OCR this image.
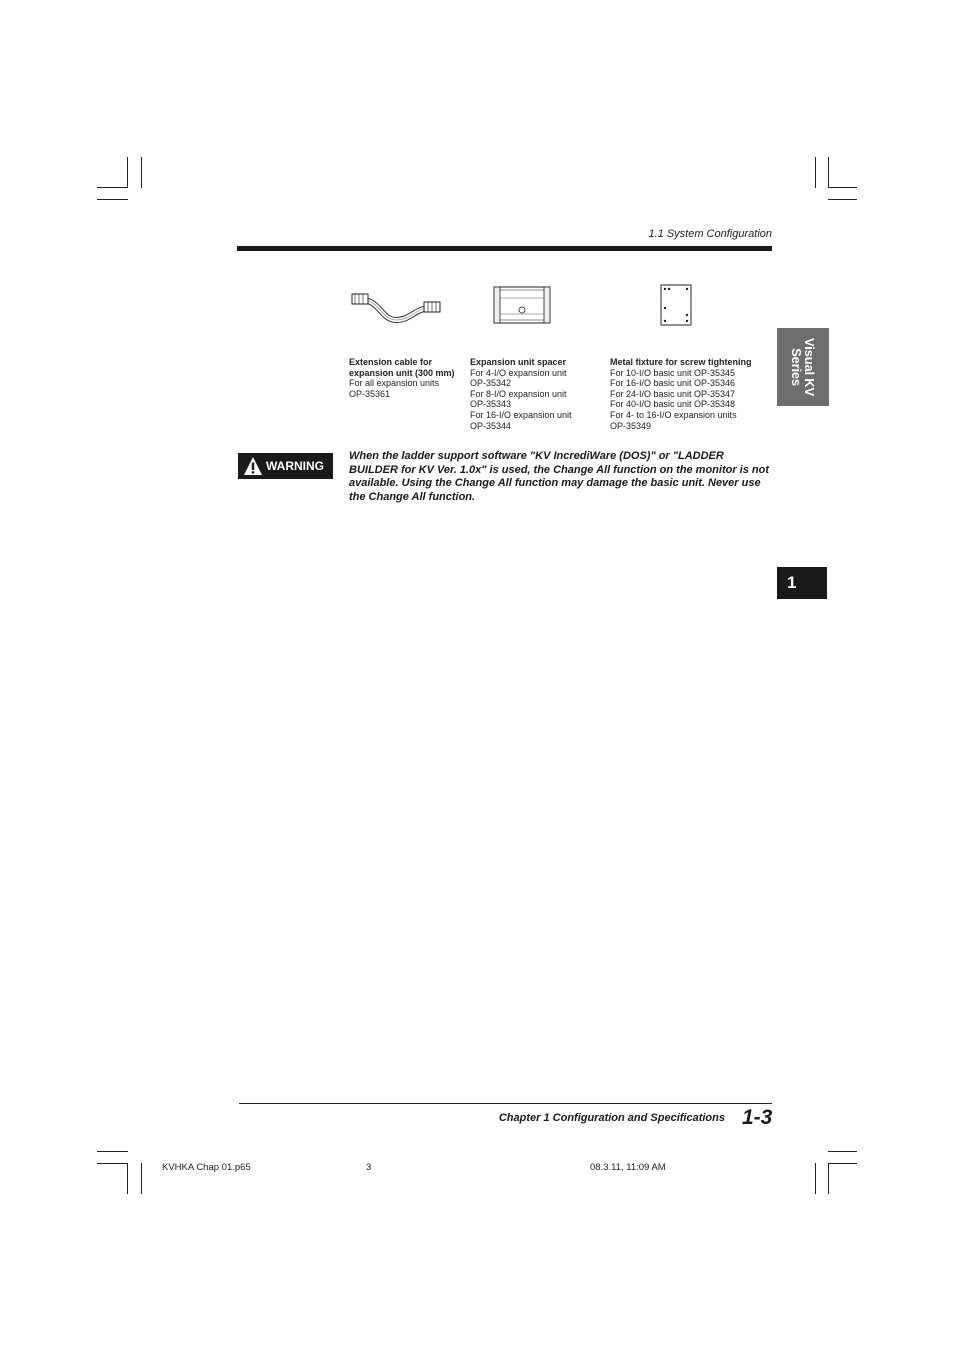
1.1 System Configuration
Visual KV
Series
1
Extension cable for
expansion unit (300 mm)
For all expansion units
OP-35361
Expansion unit spacer
For 4-I/O expansion unit
OP-35342
For 8-I/O expansion unit
OP-35343
For 16-I/O expansion unit
OP-35344
Metal fixture for screw tightening
For 10-I/O basic unit OP-35345
For 16-I/O basic unit OP-35346
For 24-I/O basic unit OP-35347
For 40-I/O basic unit OP-35348
For 4- to 16-I/O expansion units
OP-35349
WARNING
When the ladder support software "KV IncrediWare (DOS)" or "LADDER BUILDER for KV Ver. 1.0x" is used, the Change All function on the monitor is not available. Using the Change All function may damage the basic unit. Never use the Change All function.
Chapter 1 Configuration and Specifications 1-3
KVHKA Chap 01.p65	3	08.3.11, 11:09 AM
